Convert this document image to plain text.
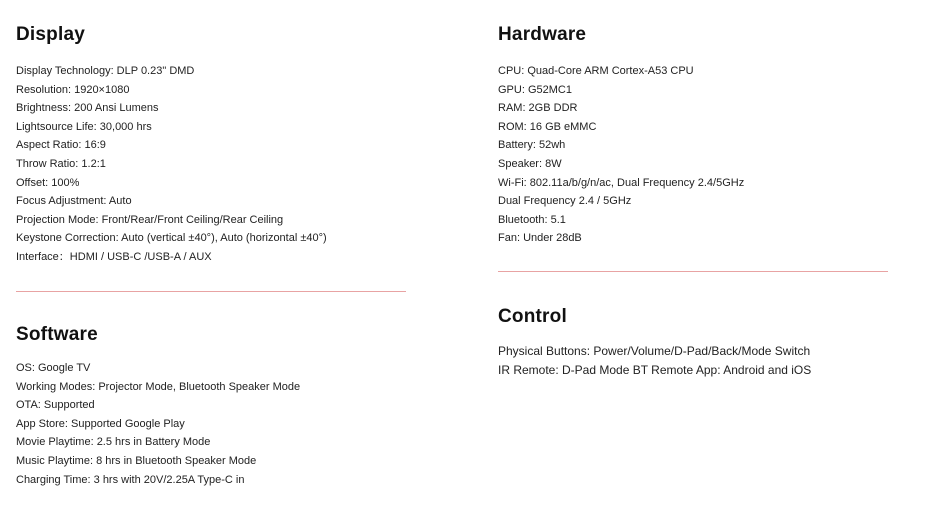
Display
Display Technology: DLP 0.23" DMD
Resolution: 1920×1080
Brightness: 200 Ansi Lumens
Lightsource Life: 30,000 hrs
Aspect Ratio: 16:9
Throw Ratio: 1.2:1
Offset: 100%
Focus Adjustment: Auto
Projection Mode: Front/Rear/Front Ceiling/Rear Ceiling
Keystone Correction: Auto (vertical ±40°), Auto (horizontal ±40°)
Interface：HDMI / USB-C /USB-A / AUX
Hardware
CPU: Quad-Core ARM Cortex-A53 CPU
GPU: G52MC1
RAM: 2GB DDR
ROM: 16 GB eMMC
Battery: 52wh
Speaker: 8W
Wi-Fi: 802.11a/b/g/n/ac, Dual Frequency 2.4/5GHz
Dual Frequency 2.4 / 5GHz
Bluetooth: 5.1
Fan: Under 28dB
Software
OS: Google TV
Working Modes: Projector Mode, Bluetooth Speaker Mode
OTA: Supported
App Store: Supported Google Play
Movie Playtime: 2.5 hrs in Battery Mode
Music Playtime: 8 hrs in Bluetooth Speaker Mode
Charging Time: 3 hrs with 20V/2.25A Type-C in
Control
Physical Buttons: Power/Volume/D-Pad/Back/Mode Switch
IR Remote: D-Pad Mode BT Remote App: Android and iOS
